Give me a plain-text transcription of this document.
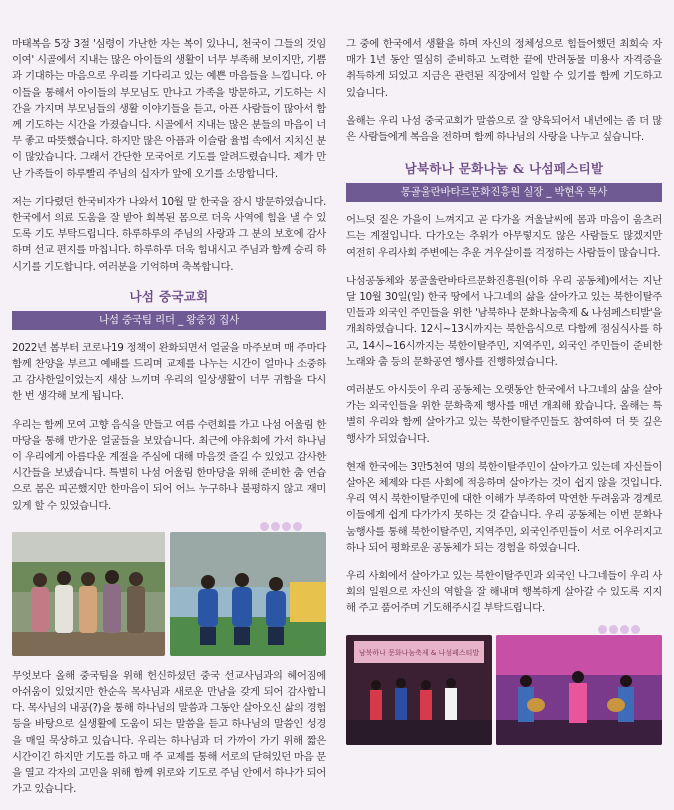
마태복음 5장 3절 '심령이 가난한 자는 복이 있나니, 천국이 그들의 것임이여' 시골에서 지내는 많은 아이들의 생활이 너무 부족해 보이지만, 기쁨과 기대하는 마음으로 우리를 기다리고 있는 예쁜 마음들을 느낍니다. 아이들을 통해서 아이들의 부모님도 만나고 가족을 방문하고, 기도하는 시간을 가지며 부모님들의 생활 이야기들을 듣고, 아픈 사람들이 많아서 함께 기도하는 시간을 가졌습니다. 시골에서 지내는 많은 분들의 마음이 너무 좋고 따뜻했습니다. 하지만 많은 아픔과 이슬람 율법 속에서 지치신 분이 많았습니다. 그래서 간단한 모국어로 기도를 알려드렸습니다. 제가 만난 가족들이 하루빨리 주님의 십자가 앞에 오기를 소망합니다.

저는 기다렸던 한국비자가 나와서 10월 말 한국을 잠시 방문하였습니다. 한국에서 의료 도움을 잘 받아 회복된 몸으로 더욱 사역에 힘을 낼 수 있도록 기도 부탁드립니다. 하루하루의 주님의 사랑과 그 분의 보호에 감사하며 선교 편지를 마칩니다. 하루하루 더욱 힘내시고 주님과 함께 승리 하시기를 기도합니다. 여러분을 기억하며 축복합니다.

나섬 중국교회
나섬 중국팀 리더 _ 왕중징 집사

2022년 봄부터 코로나19 정책이 완화되면서 얼굴을 마주보며 매 주마다 함께 찬양을 부르고 예배를 드리며 교제를 나누는 시간이 얼마나 소중하고 감사한일이었는지 새삼 느끼며 우리의 일상생활이 너무 귀함을 다시 한 번 생각해 보게 됩니다.

우리는 함께 모여 고향 음식을 만들고 여름 수련회를 가고 나섬 어울림 한마당을 통해 반가운 얼굴들을 보았습니다. 최근에 야유회에 가서 하나님이 우리에게 아름다운 계절을 주심에 대해 마음껏 즐길 수 있었고 감사한 시간들을 보냈습니다. 특별히 나섬 어울림 한마당을 위해 준비한 춤 연습으로 몸은 피곤했지만 한마음이 되어 어느 누구하나 불평하지 않고 재미있게 할 수 있었습니다.

무엇보다 올해 중국팀을 위해 헌신하셨던 중국 선교사님과의 헤어짐에 아쉬움이 있었지만 한순옥 목사님과 새로운 만남을 갖게 되어 감사합니다. 목사님의 내공(?)을 통해 하나님의 말씀과 그동안 살아오신 삶의 경험 등을 바탕으로 실생활에 도움이 되는 말씀을 듣고 하나님의 말씀인 성경을 매일 묵상하고 있습니다. 우리는 하나님과 더 가까이 가기 위해 짧은 시간이긴 하지만 기도를 하고 매 주 교제를 통해 서로의 닫혀있던 마음 문을 열고 각자의 고민을 위해 함께 위로와 기도로 주님 안에서 하나가 되어 가고 있습니다.

그 중에 한국에서 생활을 하며 자신의 정체성으로 힘들어했던 최희숙 자매가 1년 동안 열심히 준비하고 노력한 끝에 반려동물 미용사 자격증을 취득하게 되었고 지금은 관련된 직장에서 일할 수 있기를 함께 기도하고 있습니다.

올해는 우리 나섬 중국교회가 말씀으로 잘 양육되어서 내년에는 좀 더 많은 사람들에게 복음을 전하며 함께 하나님의 사랑을 나누고 싶습니다.

남북하나 문화나눔 & 나섬페스티발
몽골울란바타르문화진흥원 실장 _ 박현옥 목사

어느덧 짙은 가을이 느껴지고 곧 다가올 겨울날씨에 몸과 마음이 움츠러드는 계절입니다. 다가오는 추위가 아무렇지도 않은 사람들도 많겠지만 여전히 우리사회 주변에는 추운 겨우살이를 걱정하는 사람들이 많습니다.

나섬공동체와 몽골울란바타르문화진흥원(이하 우리 공동체)에서는 지난달 10월 30일(일) 한국 땅에서 나그네의 삶을 살아가고 있는 북한이탈주민들과 외국인 주민들을 위한 '남북하나 문화나눔축제 & 나섬페스티발'을 개최하였습니다. 12시~13시까지는 북한음식으로 다함께 점심식사를 하고, 14시~16시까지는 북한이탈주민, 지역주민, 외국인 주민들이 준비한 노래와 춤 등의 문화공연 행사를 진행하였습니다.

여러분도 아시듯이 우리 공동체는 오랫동안 한국에서 나그네의 삶을 살아가는 외국인들을 위한 문화축제 행사를 매년 개최해 왔습니다. 올해는 특별히 우리와 함께 살아가고 있는 북한이탈주민들도 참여하여 더 뜻 깊은 행사가 되었습니다.

현재 한국에는 3만5천여 명의 북한이탈주민이 살아가고 있는데 자신들이 살아온 체제와 다른 사회에 적응하며 살아가는 것이 쉽지 않을 것입니다. 우리 역시 북한이탈주민에 대한 이해가 부족하여 막연한 두려움과 경계로 이들에게 쉽게 다가가지 못하는 것 같습니다. 우리 공동체는 이번 문화나눔행사를 통해 북한이탈주민, 지역주민, 외국인주민들이 서로 어우러지고 하나 되어 평화로운 공동체가 되는 경험을 하였습니다.

우리 사회에서 살아가고 있는 북한이탈주민과 외국인 나그네들이 우리 사회의 일원으로 자신의 역할을 잘 해내며 행복하게 살아갈 수 있도록 지지해 주고 품어주며 기도해주시길 부탁드립니다.

남북하나 문화나눔축제 & 나섬페스티발
